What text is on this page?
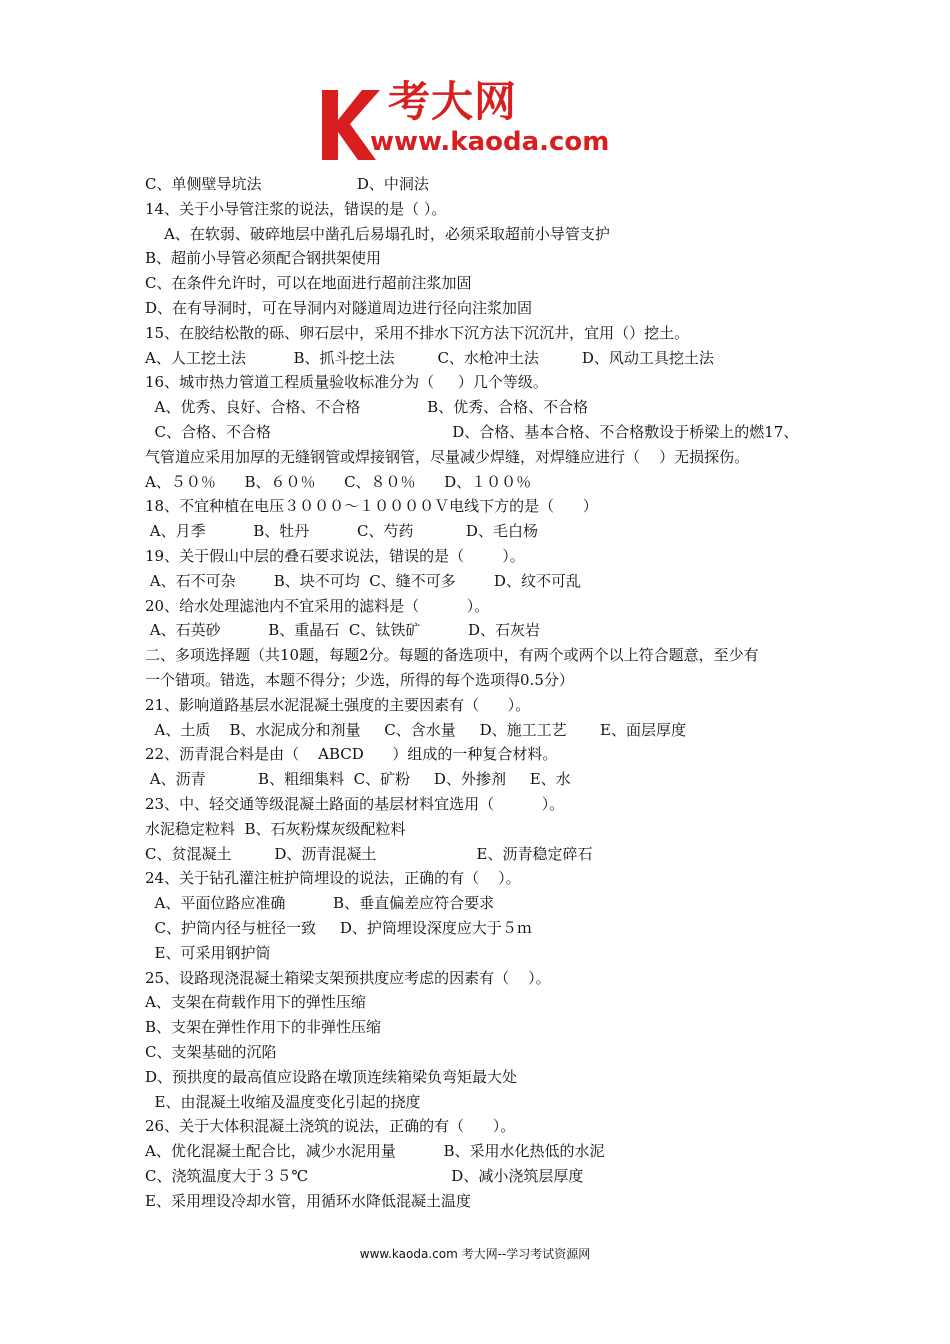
考大网
www.kaoda.com
C、单侧壁导坑法                    D、中洞法
14、关于小导管注浆的说法，错误的是（ ）。
A、在软弱、破碎地层中凿孔后易塌孔时，必须采取超前小导管支护
B、超前小导管必须配合钢拱架使用
C、在条件允许时，可以在地面进行超前注浆加固
D、在有导洞时，可在导洞内对隧道周边进行径向注浆加固
15、在胶结松散的砾、卵石层中，采用不排水下沉方法下沉沉井，宜用（）挖土。
A、人工挖土法          B、抓斗挖土法         C、水枪冲土法         D、风动工具挖土法
16、城市热力管道工程质量验收标准分为（     ）几个等级。
A、优秀、良好、合格、不合格              B、优秀、合格、不合格
C、合格、不合格                                      D、合格、基本合格、不合格敷设于桥梁上的燃17、
气管道应采用加厚的无缝钢管或焊接钢管，尽量减少焊缝，对焊缝应进行（    ）无损探伤。
A、５０％      B、６０％      C、８０％      D、１００％
18、不宜种植在电压３０００～１００００Ｖ电线下方的是（      ）
A、月季          B、牡丹          C、芍药           D、毛白杨
19、关于假山中层的叠石要求说法，错误的是（        ）。
A、石不可杂        B、块不可均  C、缝不可多        D、纹不可乱
20、给水处理滤池内不宜采用的滤料是（          ）。
A、石英砂          B、重晶石  C、钛铁矿          D、石灰岩
二、多项选择题（共10题，每题2分。每题的备选项中，有两个或两个以上符合题意，至少有
一个错项。错选，本题不得分；少选，所得的每个选项得0.5分）
21、影响道路基层水泥混凝土强度的主要因素有（      ）。
A、土质    B、水泥成分和剂量     C、含水量     D、施工工艺       E、面层厚度
22、沥青混合料是由（    ABCD      ）组成的一种复合材料。
A、沥青           B、粗细集料  C、矿粉     D、外掺剂     E、水
23、中、轻交通等级混凝土路面的基层材料宜选用（          ）。
水泥稳定粒料  B、石灰粉煤灰级配粒料
C、贫混凝土         D、沥青混凝土                     E、沥青稳定碎石
24、关于钻孔灌注桩护筒埋设的说法，正确的有（    ）。
A、平面位路应准确          B、垂直偏差应符合要求
C、护筒内径与桩径一致     D、护筒埋设深度应大于５ｍ
E、可采用钢护筒
25、设路现浇混凝土箱梁支架预拱度应考虑的因素有（    ）。
A、支架在荷载作用下的弹性压缩
B、支架在弹性作用下的非弹性压缩
C、支架基础的沉陷
D、预拱度的最高值应设路在墩顶连续箱梁负弯矩最大处
E、由混凝土收缩及温度变化引起的挠度
26、关于大体积混凝土浇筑的说法，正确的有（      ）。
A、优化混凝土配合比，减少水泥用量          B、采用水化热低的水泥
C、浇筑温度大于３５℃                              D、减小浇筑层厚度
E、采用埋设冷却水管，用循环水降低混凝土温度
www.kaoda.com 考大网--学习考试资源网
